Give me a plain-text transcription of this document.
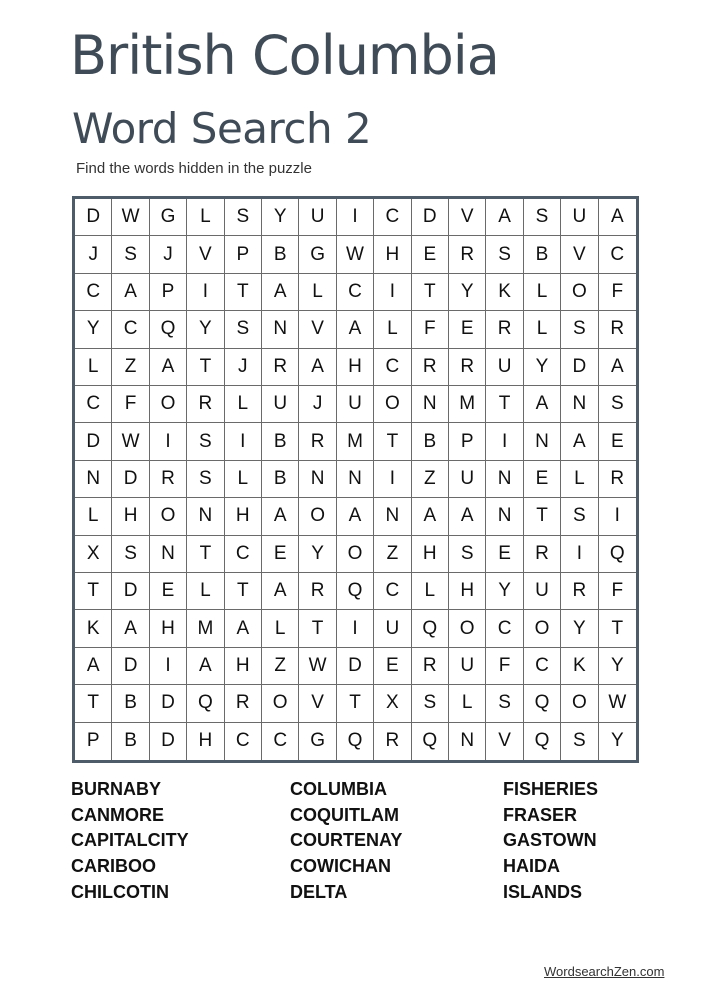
British Columbia
Word Search 2
Find the words hidden in the puzzle
D	W	G	L	S	Y	U	I	C	D	V	A	S	U	A
J	S	J	V	P	B	G	W	H	E	R	S	B	V	C
C	A	P	I	T	A	L	C	I	T	Y	K	L	O	F
Y	C	Q	Y	S	N	V	A	L	F	E	R	L	S	R
L	Z	A	T	J	R	A	H	C	R	R	U	Y	D	A
C	F	O	R	L	U	J	U	O	N	M	T	A	N	S
D	W	I	S	I	B	R	M	T	B	P	I	N	A	E
N	D	R	S	L	B	N	N	I	Z	U	N	E	L	R
L	H	O	N	H	A	O	A	N	A	A	N	T	S	I
X	S	N	T	C	E	Y	O	Z	H	S	E	R	I	Q
T	D	E	L	T	A	R	Q	C	L	H	Y	U	R	F
K	A	H	M	A	L	T	I	U	Q	O	C	O	Y	T
A	D	I	A	H	Z	W	D	E	R	U	F	C	K	Y
T	B	D	Q	R	O	V	T	X	S	L	S	Q	O	W
P	B	D	H	C	C	G	Q	R	Q	N	V	Q	S	Y
BURNABY
CANMORE
CAPITALCITY
CARIBOO
CHILCOTIN
COLUMBIA
COQUITLAM
COURTENAY
COWICHAN
DELTA
FISHERIES
FRASER
GASTOWN
HAIDA
ISLANDS
WordsearchZen.com
